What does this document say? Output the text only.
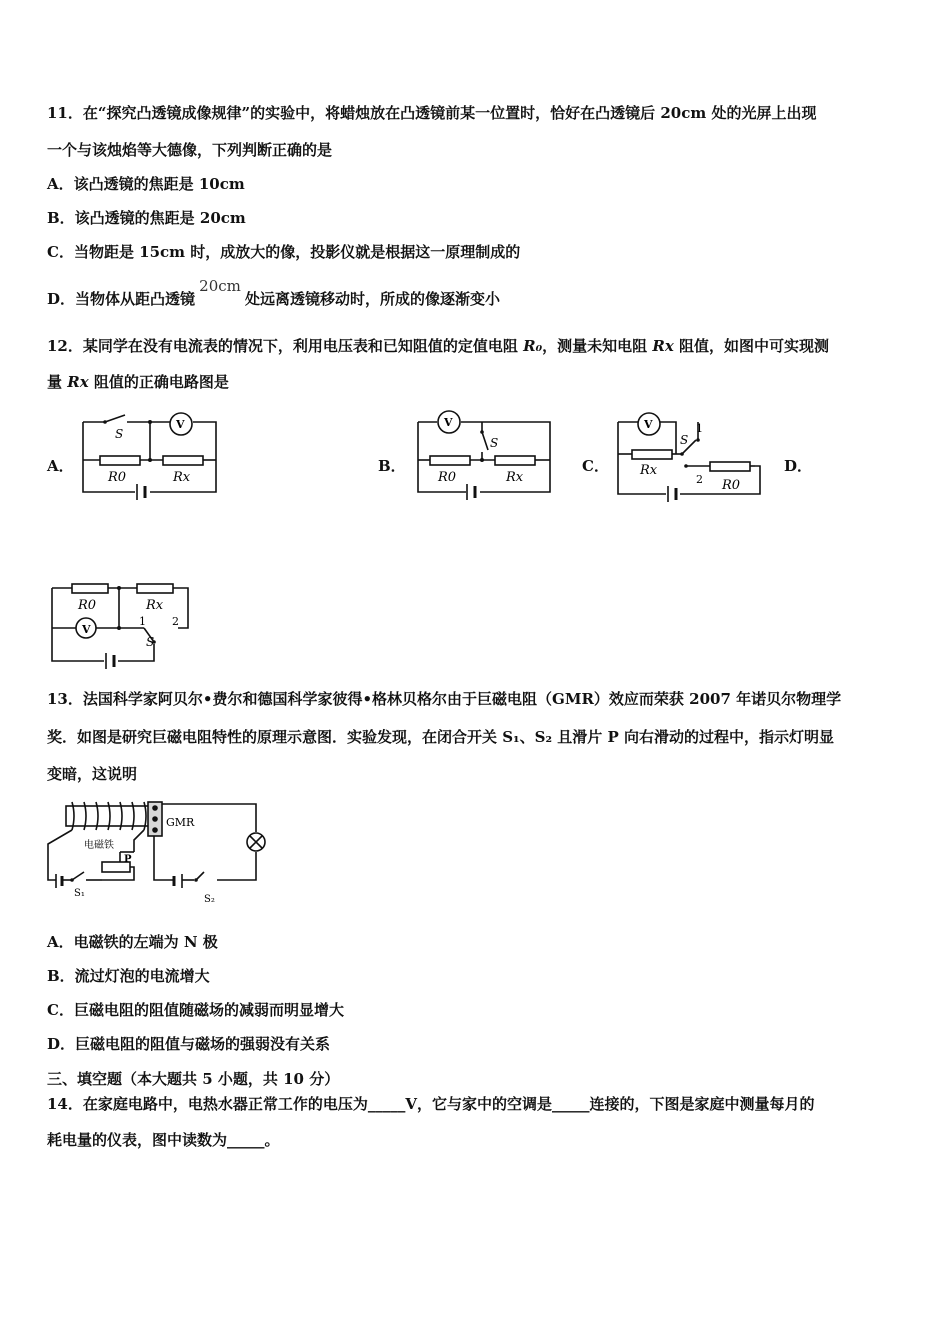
11．在“探究凸透镜成像规律”的实验中，将蜡烛放在凸透镜前某一位置时，恰好在凸透镜后 20cm 处的光屏上出现
一个与该烛焰等大德像，下列判断正确的是
A．该凸透镜的焦距是 10cm
B．该凸透镜的焦距是 20cm
C．当物距是 15cm 时，成放大的像，投影仪就是根据这一原理制成的
D．当物体从距凸透镜20cm处远离透镜移动时，所成的像逐渐变小
12．某同学在没有电流表的情况下，利用电压表和已知阻值的定值电阻 R₀，测量未知电阻 Rx 阻值，如图中可实现测
量 Rx 阻值的正确电路图是
A．	B．	C．	D．
S
V
R0	Rx
S
V
R0	Rx
S
1
2
V
Rx
R0
R0	Rx
V
1 2
S
13．法国科学家阿贝尔•费尔和德国科学家彼得•格林贝格尔由于巨磁电阻（GMR）效应而荣获 2007 年诺贝尔物理学
奖．如图是研究巨磁电阻特性的原理示意图．实验发现，在闭合开关 S₁、S₂ 且滑片 P 向右滑动的过程中，指示灯明显
变暗，这说明
GMR
电磁铁
P
S₁
S₂
A．电磁铁的左端为 N 极
B．流过灯泡的电流增大
C．巨磁电阻的阻值随磁场的减弱而明显增大
D．巨磁电阻的阻值与磁场的强弱没有关系
三、填空题（本大题共 5 小题，共 10 分）
14．在家庭电路中，电热水器正常工作的电压为_____V，它与家中的空调是_____连接的，下图是家庭中测量每月的
耗电量的仪表，图中读数为_____。
